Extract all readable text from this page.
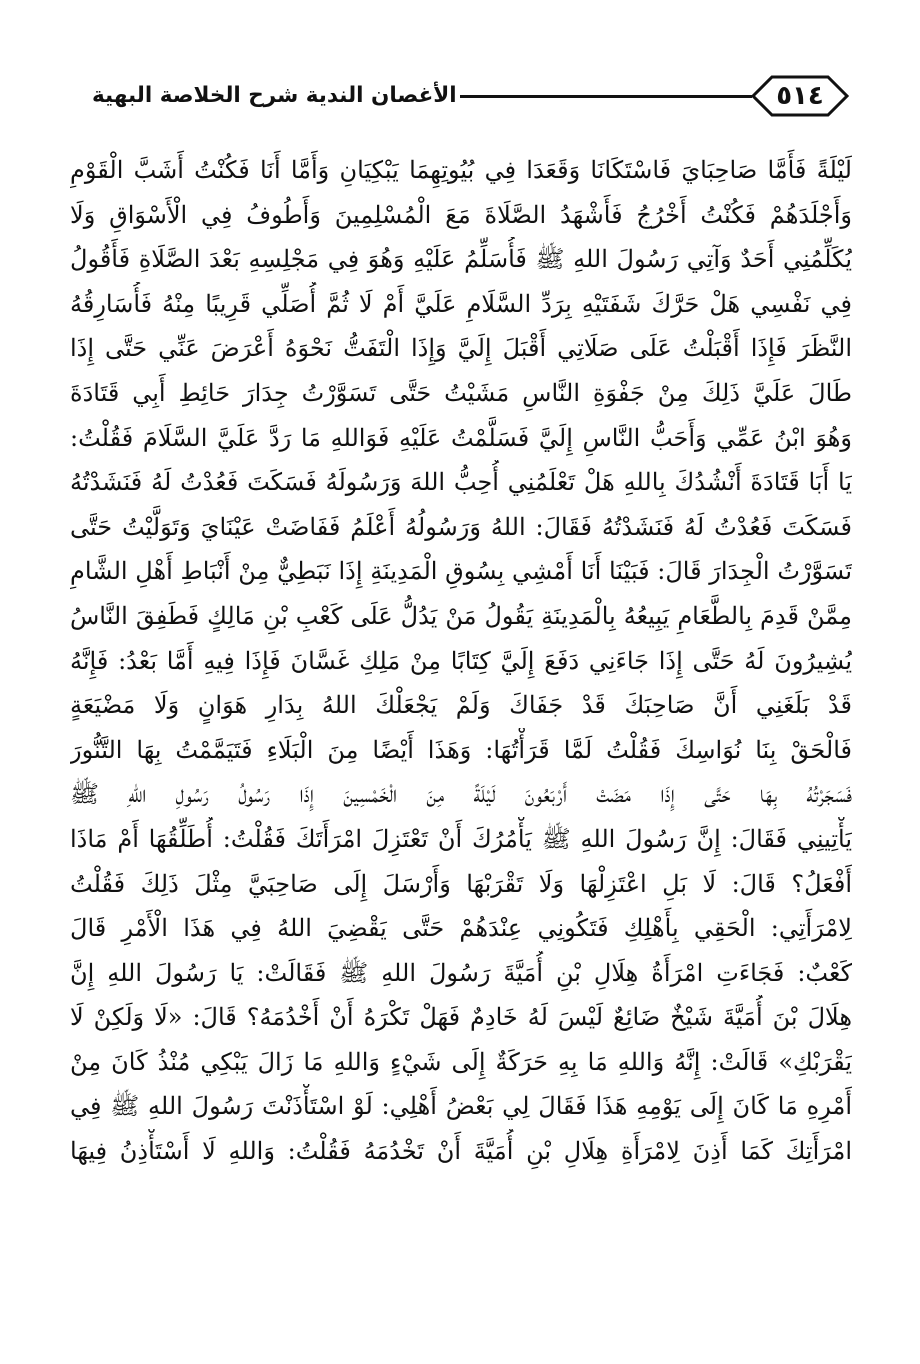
٥١٤
الأغصان الندية شرح الخلاصة البهية
لَيْلَةً فَأَمَّا صَاحِبَايَ فَاسْتَكَانَا وَقَعَدَا فِي بُيُوتِهِمَا يَبْكِيَانِ وَأَمَّا أَنَا فَكُنْتُ أَشَبَّ الْقَوْمِ
وَأَجْلَدَهُمْ فَكُنْتُ أَخْرُجُ فَأَشْهَدُ الصَّلَاةَ مَعَ الْمُسْلِمِينَ وَأَطُوفُ فِي الْأَسْوَاقِ وَلَا
يُكَلِّمُنِي أَحَدٌ وَآتِي رَسُولَ اللهِ ﷺ فَأُسَلِّمُ عَلَيْهِ وَهُوَ فِي مَجْلِسِهِ بَعْدَ الصَّلَاةِ فَأَقُولُ
فِي نَفْسِي هَلْ حَرَّكَ شَفَتَيْهِ بِرَدِّ السَّلَامِ عَلَيَّ أَمْ لَا ثُمَّ أُصَلِّي قَرِيبًا مِنْهُ فَأُسَارِقُهُ
النَّظَرَ فَإِذَا أَقْبَلْتُ عَلَى صَلَاتِي أَقْبَلَ إِلَيَّ وَإِذَا الْتَفَتُّ نَحْوَهُ أَعْرَضَ عَنِّي حَتَّى إِذَا
طَالَ عَلَيَّ ذَلِكَ مِنْ جَفْوَةِ النَّاسِ مَشَيْتُ حَتَّى تَسَوَّرْتُ جِدَارَ حَائِطِ أَبِي قَتَادَةَ
وَهُوَ ابْنُ عَمِّي وَأَحَبُّ النَّاسِ إِلَيَّ فَسَلَّمْتُ عَلَيْهِ فَوَاللهِ مَا رَدَّ عَلَيَّ السَّلَامَ فَقُلْتُ:
يَا أَبَا قَتَادَةَ أَنْشُدُكَ بِاللهِ هَلْ تَعْلَمُنِي أُحِبُّ اللهَ وَرَسُولَهُ فَسَكَتَ فَعُدْتُ لَهُ فَنَشَدْتُهُ
فَسَكَتَ فَعُدْتُ لَهُ فَنَشَدْتُهُ فَقَالَ: اللهُ وَرَسُولُهُ أَعْلَمُ فَفَاضَتْ عَيْنَايَ وَتَوَلَّيْتُ حَتَّى
تَسَوَّرْتُ الْجِدَارَ قَالَ: فَبَيْنَا أَنَا أَمْشِي بِسُوقِ الْمَدِينَةِ إِذَا نَبَطِيٌّ مِنْ أَنْبَاطِ أَهْلِ الشَّامِ
مِمَّنْ قَدِمَ بِالطَّعَامِ يَبِيعُهُ بِالْمَدِينَةِ يَقُولُ مَنْ يَدُلُّ عَلَى كَعْبِ بْنِ مَالِكٍ فَطَفِقَ النَّاسُ
يُشِيرُونَ لَهُ حَتَّى إِذَا جَاءَنِي دَفَعَ إِلَيَّ كِتَابًا مِنْ مَلِكِ غَسَّانَ فَإِذَا فِيهِ أَمَّا بَعْدُ: فَإِنَّهُ
قَدْ بَلَغَنِي أَنَّ صَاحِبَكَ قَدْ جَفَاكَ وَلَمْ يَجْعَلْكَ اللهُ بِدَارِ هَوَانٍ وَلَا مَضْيَعَةٍ
فَالْحَقْ بِنَا نُوَاسِكَ فَقُلْتُ لَمَّا قَرَأْتُهَا: وَهَذَا أَيْضًا مِنَ الْبَلَاءِ فَتَيَمَّمْتُ بِهَا التَّنُّورَ
فَسَجَرْتُهُ بِهَا حَتَّى إِذَا مَضَتْ أَرْبَعُونَ لَيْلَةً مِنَ الْخَمْسِينَ إِذَا رَسُولُ رَسُولِ اللهِ ﷺ
يَأْتِينِي فَقَالَ: إِنَّ رَسُولَ اللهِ ﷺ يَأْمُرُكَ أَنْ تَعْتَزِلَ امْرَأَتَكَ فَقُلْتُ: أُطَلِّقُهَا أَمْ مَاذَا
أَفْعَلُ؟ قَالَ: لَا بَلِ اعْتَزِلْهَا وَلَا تَقْرَبْهَا وَأَرْسَلَ إِلَى صَاحِبَيَّ مِثْلَ ذَلِكَ فَقُلْتُ
لِامْرَأَتِي: الْحَقِي بِأَهْلِكِ فَتَكُونِي عِنْدَهُمْ حَتَّى يَقْضِيَ اللهُ فِي هَذَا الْأَمْرِ قَالَ
كَعْبٌ: فَجَاءَتِ امْرَأَةُ هِلَالِ بْنِ أُمَيَّةَ رَسُولَ اللهِ ﷺ فَقَالَتْ: يَا رَسُولَ اللهِ إِنَّ
هِلَالَ بْنَ أُمَيَّةَ شَيْخٌ ضَائِعٌ لَيْسَ لَهُ خَادِمٌ فَهَلْ تَكْرَهُ أَنْ أَخْدُمَهُ؟ قَالَ: «لَا وَلَكِنْ لَا
يَقْرَبْكِ» قَالَتْ: إِنَّهُ وَاللهِ مَا بِهِ حَرَكَةٌ إِلَى شَيْءٍ وَاللهِ مَا زَالَ يَبْكِي مُنْذُ كَانَ مِنْ
أَمْرِهِ مَا كَانَ إِلَى يَوْمِهِ هَذَا فَقَالَ لِي بَعْضُ أَهْلِي: لَوْ اسْتَأْذَنْتَ رَسُولَ اللهِ ﷺ فِي
امْرَأَتِكَ كَمَا أَذِنَ لِامْرَأَةِ هِلَالِ بْنِ أُمَيَّةَ أَنْ تَخْدُمَهُ فَقُلْتُ: وَاللهِ لَا أَسْتَأْذِنُ فِيهَا
